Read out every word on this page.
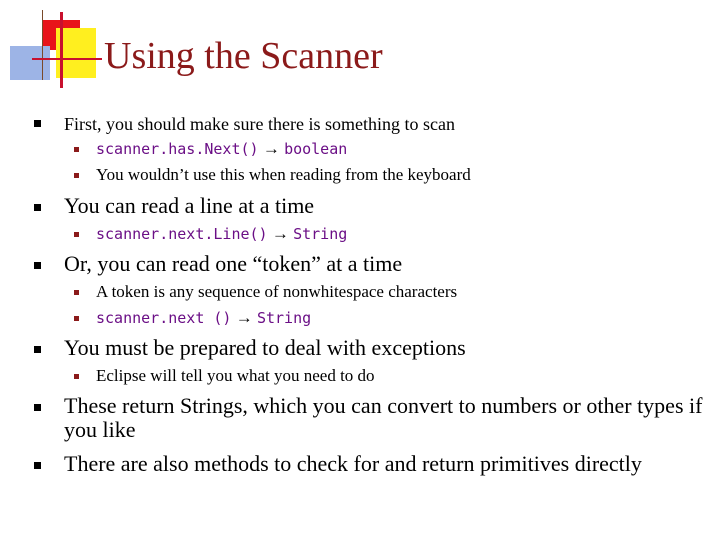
Using the Scanner
First, you should make sure there is something to scan
scanner.has.Next() → boolean
You wouldn’t use this when reading from the keyboard
You can read a line at a time
scanner.next.Line() → String
Or, you can read one “token” at a time
A token is any sequence of nonwhitespace characters
scanner.next () → String
You must be prepared to deal with exceptions
Eclipse will tell you what you need to do
These return Strings, which you can convert to numbers or other types if you like
There are also methods to check for and return primitives directly
